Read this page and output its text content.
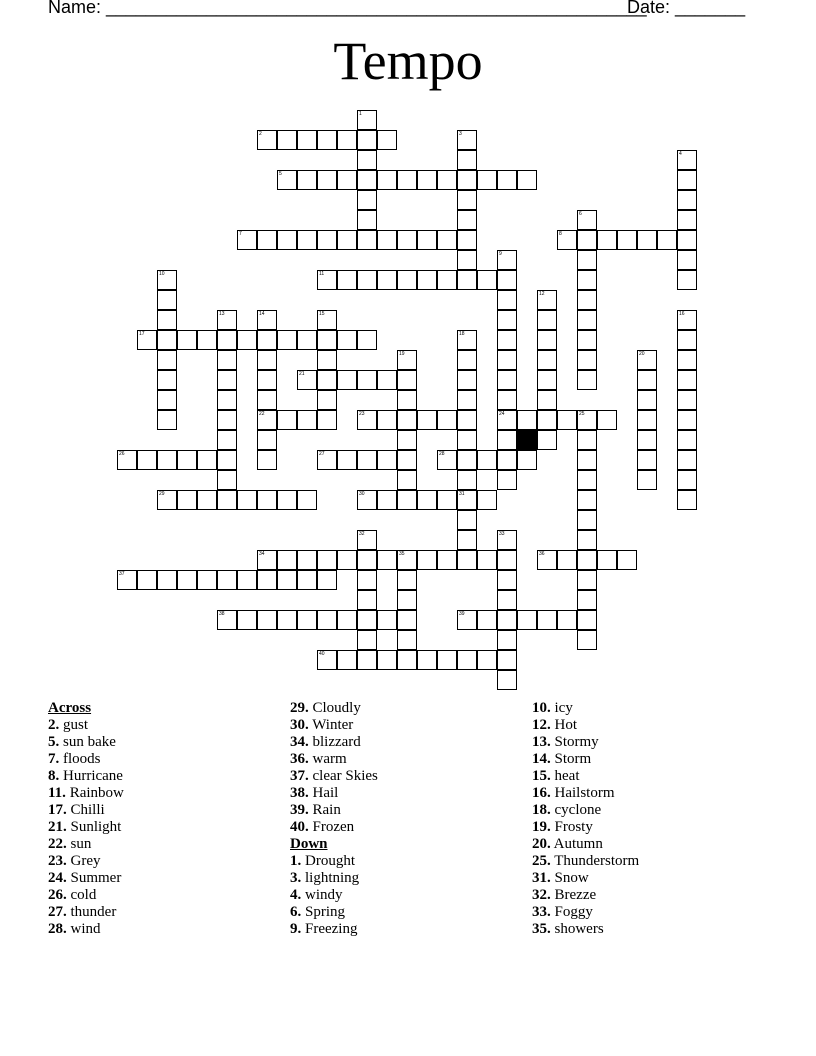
Name: ______________________________________________________
Date: _______
Tempo
1
2	3
4
5
6
7	8
9
10	11
12
13	14	15	16
17	18
19	20
21
22	23	24	25
26	27	28
29	30	31
32	33
34	35	36
37
38	39
40
Across
2. gust
5. sun bake
7. floods
8. Hurricane
11. Rainbow
17. Chilli
21. Sunlight
22. sun
23. Grey
24. Summer
26. cold
27. thunder
28. wind
29. Cloudly
30. Winter
34. blizzard
36. warm
37. clear Skies
38. Hail
39. Rain
40. Frozen
Down
1. Drought
3. lightning
4. windy
6. Spring
9. Freezing
10. icy
12. Hot
13. Stormy
14. Storm
15. heat
16. Hailstorm
18. cyclone
19. Frosty
20. Autumn
25. Thunderstorm
31. Snow
32. Brezze
33. Foggy
35. showers
